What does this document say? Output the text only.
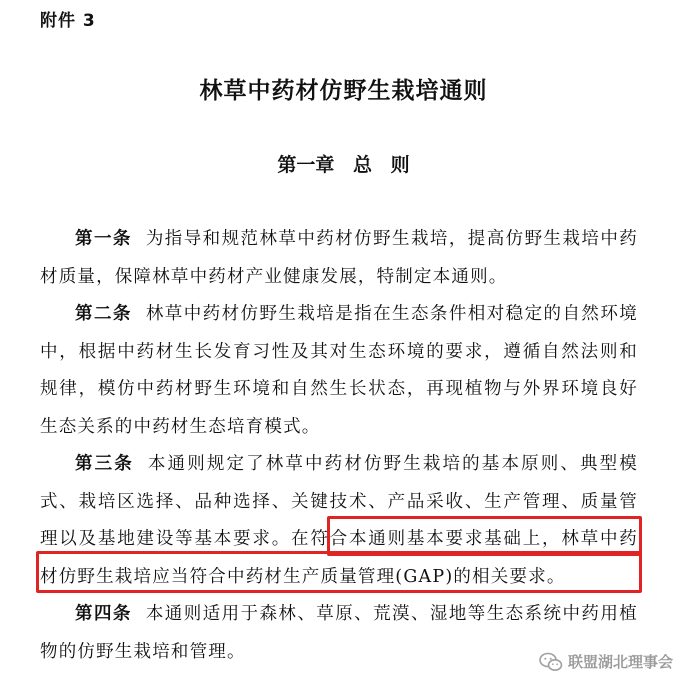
附件 3
林草中药材仿野生栽培通则
第一章 总 则

第一条 为指导和规范林草中药材仿野生栽培，提高仿野生栽培中药材质量，保障林草中药材产业健康发展，特制定本通则。

第二条 林草中药材仿野生栽培是指在生态条件相对稳定的自然环境中，根据中药材生长发育习性及其对生态环境的要求，遵循自然法则和规律，模仿中药材野生环境和自然生长状态，再现植物与外界环境良好生态关系的中药材生态培育模式。

第三条 本通则规定了林草中药材仿野生栽培的基本原则、典型模式、栽培区选择、品种选择、关键技术、产品采收、生产管理、质量管理以及基地建设等基本要求。在符合本通则基本要求基础上，林草中药材仿野生栽培应当符合中药材生产质量管理(GAP)的相关要求。

第四条 本通则适用于森林、草原、荒漠、湿地等生态系统中药用植物的仿野生栽培和管理。

联盟湖北理事会
